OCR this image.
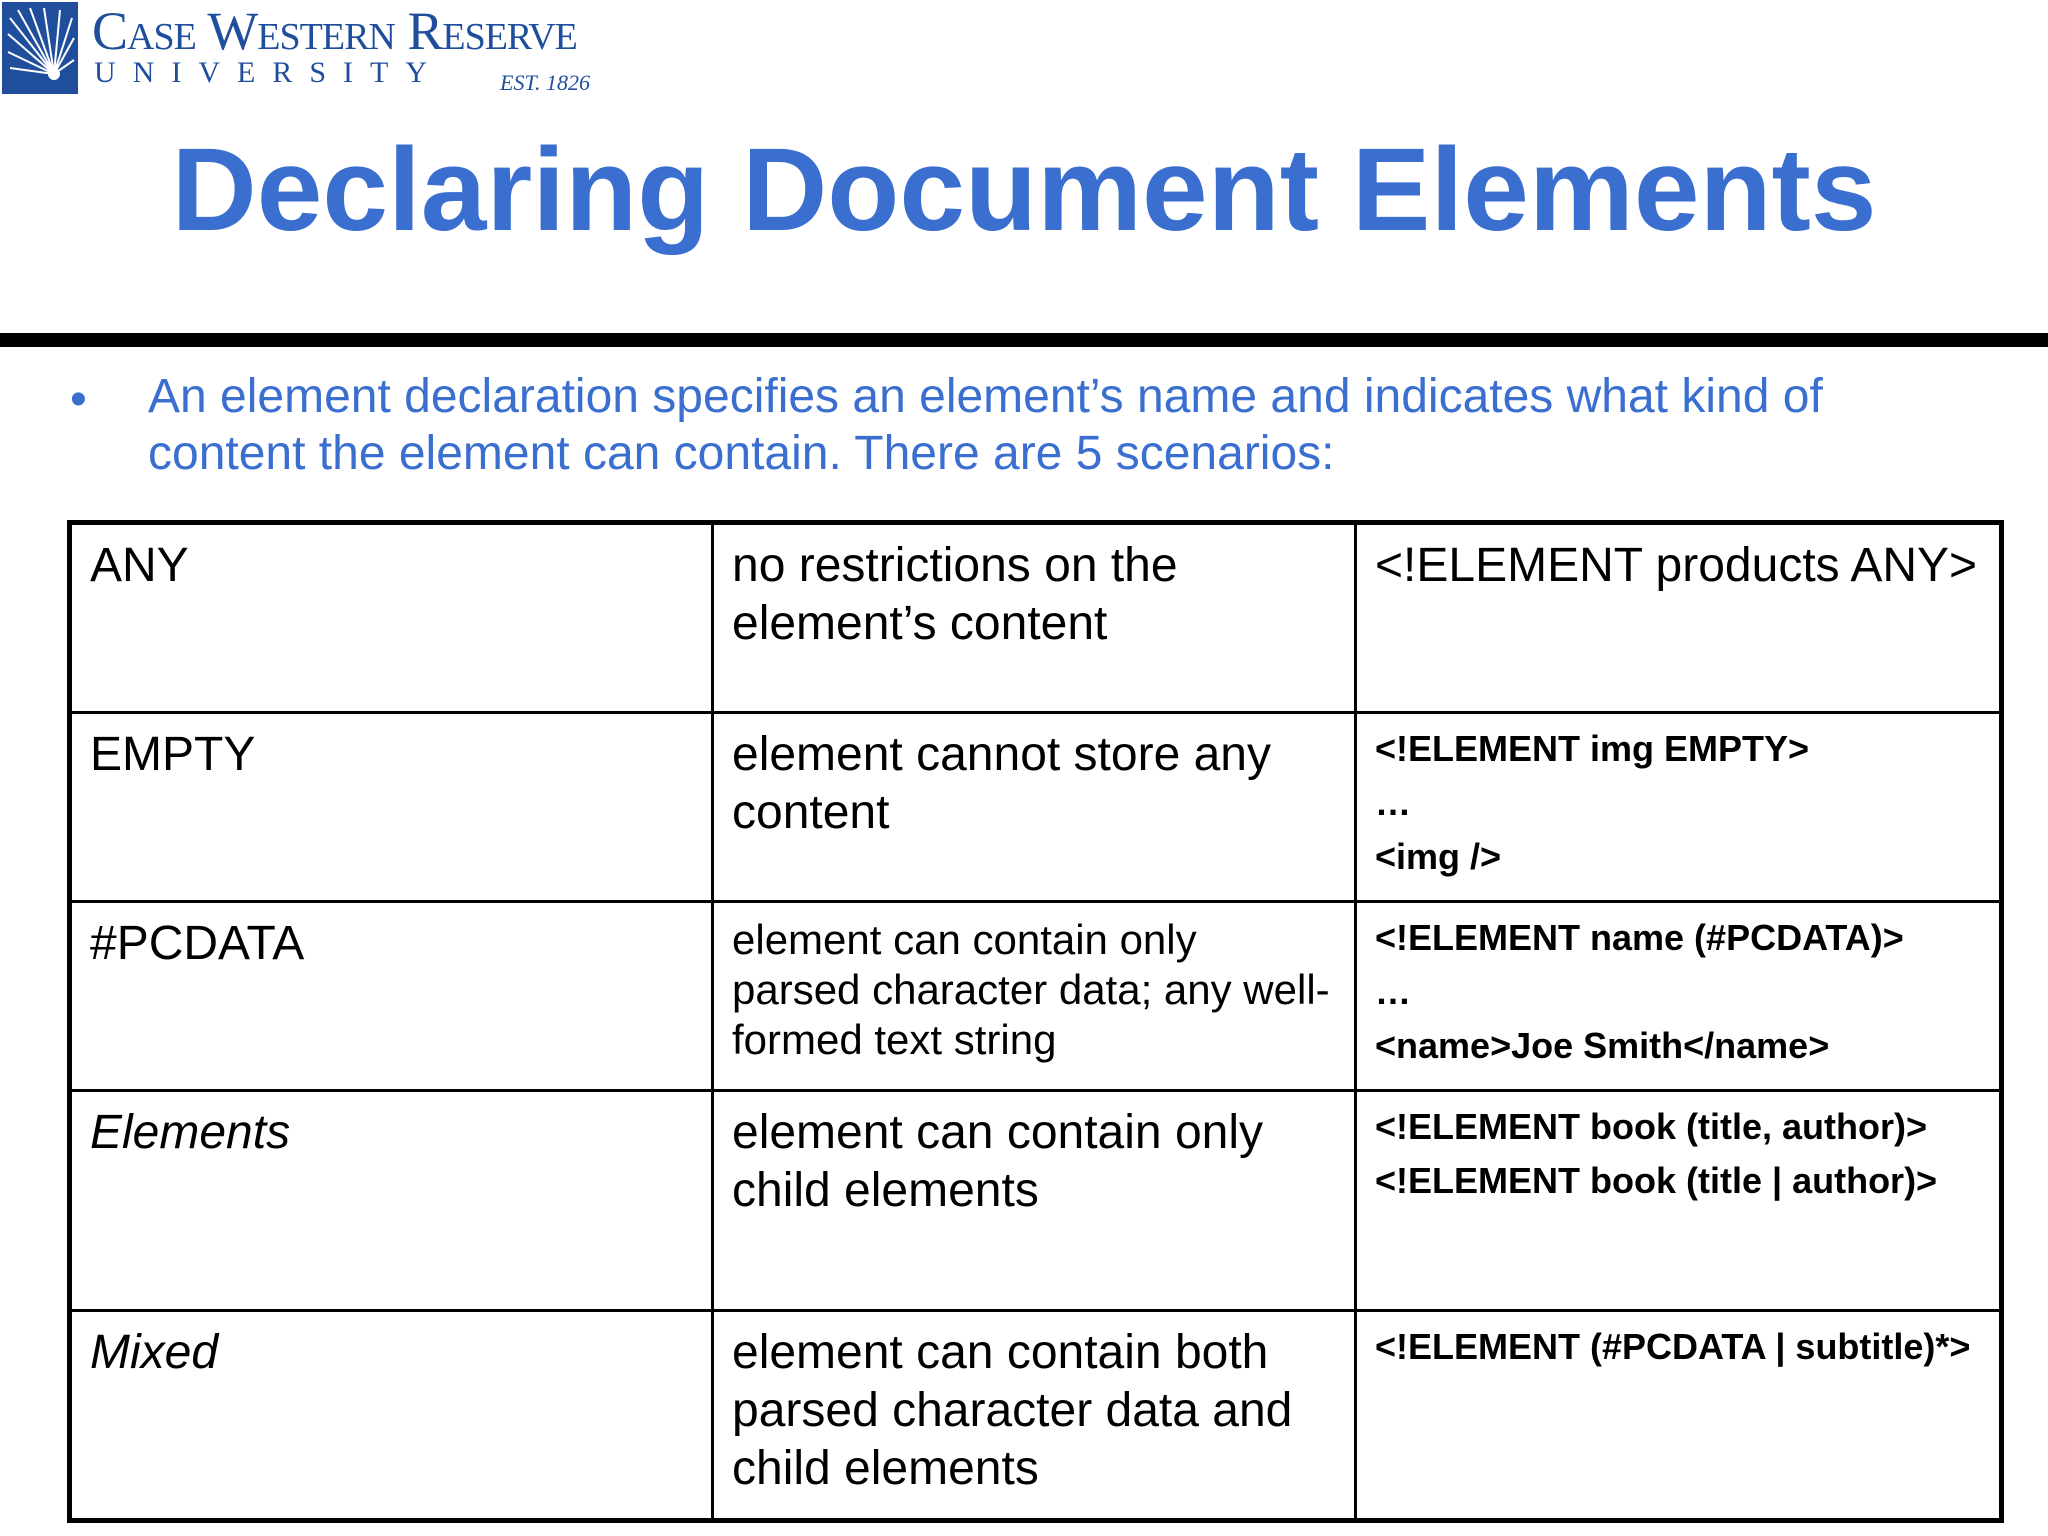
Case Western Reserve
UNIVERSITY	EST. 1826
Declaring Document Elements
• An element declaration specifies an element’s name and indicates what kind of content the element can contain. There are 5 scenarios:
ANY	no restrictions on the element’s content	<!ELEMENT products ANY>

EMPTY	element cannot store any content	<!ELEMENT img EMPTY>
…
<img />

#PCDATA	element can contain only parsed character data; any well-formed text string	<!ELEMENT name (#PCDATA)>
…
<name>Joe Smith</name>

Elements	element can contain only child elements	<!ELEMENT book (title, author)>
<!ELEMENT book (title | author)>

Mixed	element can contain both parsed character data and child elements	<!ELEMENT (#PCDATA | subtitle)*>
